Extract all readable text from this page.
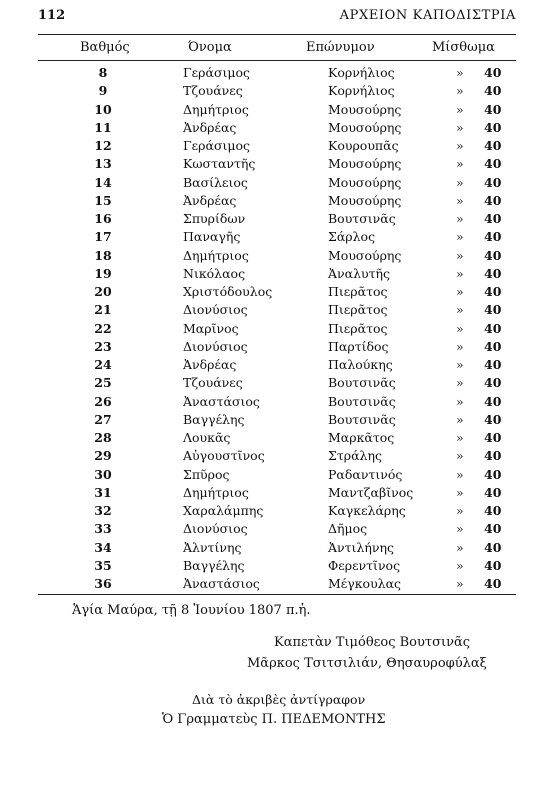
112	ΑΡΧΕΙΟΝ ΚΑΠΟΔΙΣΤΡΙΑ
Βαθμός	Όνομα	Επώνυμον	Μίσθωμα
8	Γεράσιμος	Κορνήλιος	» 40
9	Τζουάνες	Κορνήλιος	» 40
10	Δημήτριος	Μουσούρης	» 40
11	Ἀνδρέας	Μουσούρης	» 40
12	Γεράσιμος	Κουρουπᾶς	» 40
13	Κωσταντῆς	Μουσούρης	» 40
14	Βασίλειος	Μουσούρης	» 40
15	Ἀνδρέας	Μουσούρης	» 40
16	Σπυρίδων	Βουτσινᾶς	» 40
17	Παναγῆς	Σάρλος	» 40
18	Δημήτριος	Μουσούρης	» 40
19	Νικόλαος	Ἀναλυτῆς	» 40
20	Χριστόδουλος	Πιερᾶτος	» 40
21	Διονύσιος	Πιερᾶτος	» 40
22	Μαρῖνος	Πιερᾶτος	» 40
23	Διονύσιος	Παρτίδος	» 40
24	Ἀνδρέας	Παλούκης	» 40
25	Τζουάνες	Βουτσινᾶς	» 40
26	Ἀναστάσιος	Βουτσινᾶς	» 40
27	Βαγγέλης	Βουτσινᾶς	» 40
28	Λουκᾶς	Μαρκᾶτος	» 40
29	Αὐγουστῖνος	Στράλης	» 40
30	Σπῦρος	Ραδαντινός	» 40
31	Δημήτριος	Μαντζαβῖνος	» 40
32	Χαραλάμπης	Καγκελάρης	» 40
33	Διονύσιος	Δῆμος	» 40
34	Ἀλντίνης	Ἀντιλήνης	» 40
35	Βαγγέλης	Φερεντῖνος	» 40
36	Ἀναστάσιος	Μέγκουλας	» 40
Ἁγία Μαύρα, τῇ 8 Ἰουνίου 1807 π.ἡ.
Καπετὰν Τιμόθεος Βουτσινᾶς
Μᾶρκος Τσιτσιλιάν, Θησαυροφύλαξ
Διὰ τὸ ἀκριβὲς ἀντίγραφον
Ὁ Γραμματεὺς Π. ΠΕΔΕΜΟΝΤΗΣ
